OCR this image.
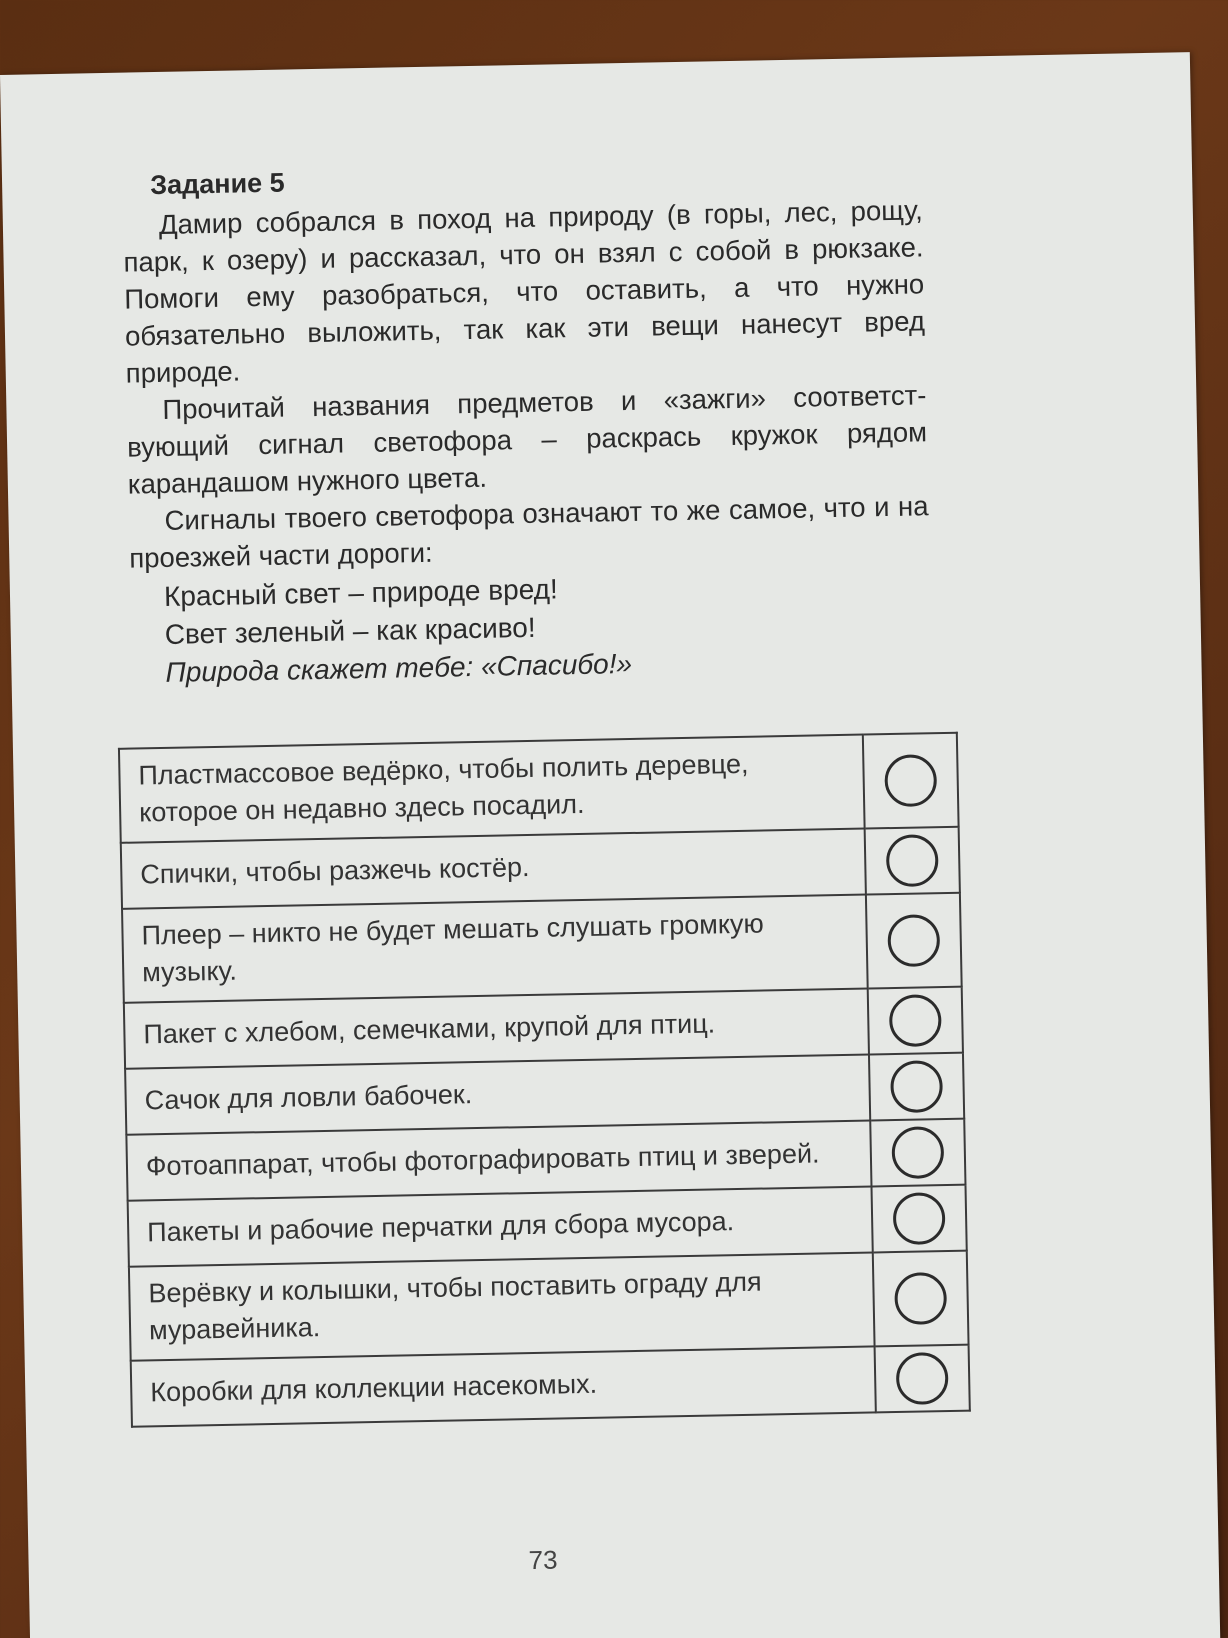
Задание 5

Дамир собрался в поход на природу (в горы, лес, рощу, парк, к озеру) и рассказал, что он взял с собой в рюкзаке. Помоги ему разобраться, что оставить, а что нужно обязательно выложить, так как эти вещи нанесут вред природе.

Прочитай названия предметов и «зажги» соответст-вующий сигнал светофора – раскрась кружок рядом карандашом нужного цвета.

Сигналы твоего светофора означают то же самое, что и на проезжей части дороги:

Красный свет – природе вред!
Свет зеленый – как красиво!
Природа скажет тебе: «Спасибо!»
Пластмассовое ведёрко, чтобы полить деревце, которое он недавно здесь посадил.	
Спички, чтобы разжечь костёр.	
Плеер – никто не будет мешать слушать громкую музыку.	
Пакет с хлебом, семечками, крупой для птиц.	
Сачок для ловли бабочек.	
Фотоаппарат, чтобы фотографировать птиц и зверей.	
Пакеты и рабочие перчатки для сбора мусора.	
Верёвку и колышки, чтобы поставить ограду для муравейника.	
Коробки для коллекции насекомых.	
73
